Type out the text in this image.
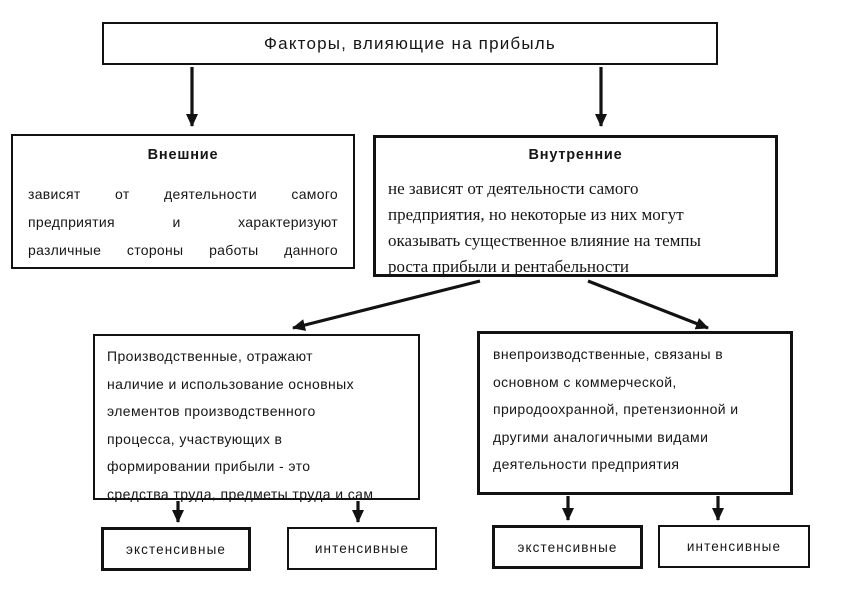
Факторы, влияющие на прибыль
Внешние
зависят от деятельности самого
предприятия и характеризуют
различные стороны работы данного
Внутренние
не зависят от деятельности самого
предприятия, но некоторые из них могут
оказывать существенное влияние на темпы
роста прибыли и рентабельности
Производственные, отражают
наличие и использование основных
элементов производственного
процесса, участвующих в
формировании прибыли - это
средства труда, предметы труда и сам
внепроизводственные, связаны в
основном с коммерческой,
природоохранной, претензионной и
другими аналогичными видами
деятельности предприятия
экстенсивные	интенсивные	экстенсивные	интенсивные
